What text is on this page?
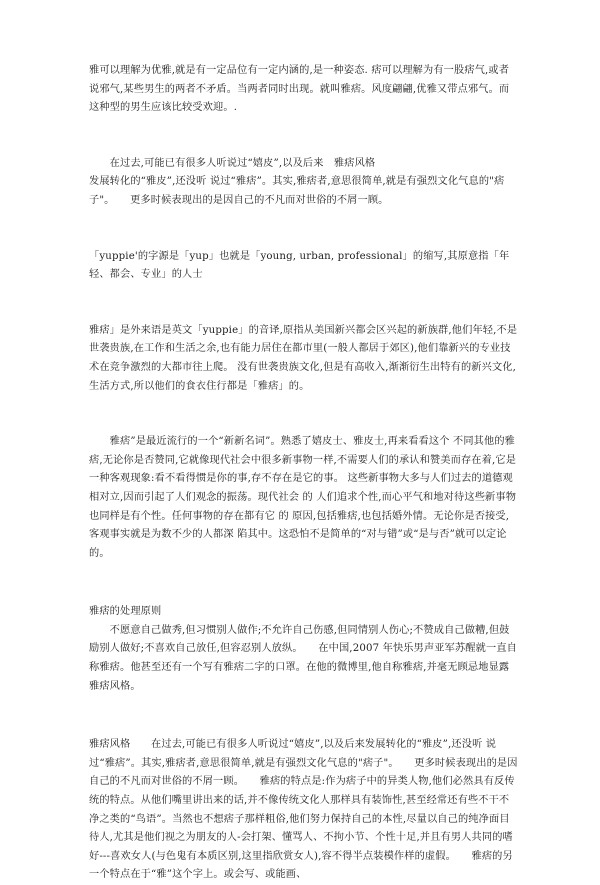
雅可以理解为优雅,就是有一定品位有一定内涵的,是一种姿态. 痞可以理解为有一股痞气,或者说邪气,某些男生的两者不矛盾。当两者同时出现。就叫雅痞。风度翩翩,优雅又带点邪气。而这种型的男生应该比较受欢迎。.

　　在过去,可能已有很多人听说过“嬉皮”,以及后来　雅痞风格
发展转化的“雅皮”,还没听 说过“雅痞”。其实,雅痞者,意思很简单,就是有强烈文化气息的"痞子"。　　更多时候表现出的是因自己的不凡而对世俗的不屑一顾。

「yuppie'的字源是「yup」也就是「young, urban, professional」的缩写,其原意指「年轻、都会、专业」的人士

雅痞」是外来语是英文「yuppie」的音译,原指从美国新兴都会区兴起的新族群,他们年轻,不是世袭贵族,在工作和生活之余,也有能力居住在都市里(一般人都居于郊区),他们靠新兴的专业技术在竞争激烈的大都市往上爬。 没有世袭贵族文化,但是有高收入,渐渐衍生出特有的新兴文化,生活方式,所以他们的食衣住行都是「雅痞」的。

　　雅痞”是最近流行的一个“新新名词”。熟悉了嬉皮士、雅皮士,再来看看这个 不同其他的雅痞,无论你是否赞同,它就像现代社会中很多新事物一样,不需要人们的承认和赞美而存在着,它是一种客观现象:看不看得惯是你的事,存不存在是它的事。 这些新事物大多与人们过去的道德观相对立,因而引起了人们观念的振荡。现代社会 的 人们追求个性,而心平气和地对待这些新事物也同样是有个性。任何事物的存在都有它 的 原因,包括雅痞,也包括婚外情。无论你是否接受,客观事实就是为数不少的人都深 陷其中。这恐怕不是简单的“对与错”或“是与否”就可以定论的。

雅痞的处理原则
　　不愿意自己做秀,但习惯别人做作;不允许自己伤感,但同情别人伤心;不赞成自己做糟,但鼓励别人做好;不喜欢自己放任,但容忍别人放纵。　　在中国,2007 年快乐男声亚军苏醒就一直自称雅痞。他甚至还有一个写有雅痞二字的口罩。在他的微博里,他自称雅痞,并毫无顾忌地显露雅痞风格。

雅痞风格　　在过去,可能已有很多人听说过“嬉皮”,以及后来发展转化的“雅皮”,还没听 说过“雅痞”。其实,雅痞者,意思很简单,就是有强烈文化气息的"痞子"。　　更多时候表现出的是因自己的不凡而对世俗的不屑一顾。　　雅痞的特点是:作为痞子中的异类人物,他们必然具有反传统的特点。从他们嘴里讲出来的话,并不像传统文化人那样具有装饰性,甚至经常还有些不干不净之类的“鸟语”。当然也不想痞子那样粗俗,他们努力保持自己的本性,尽量以自己的纯净面目待人,尤其是他们视之为朋友的人-会打架、懂骂人、不拘小节、个性十足,并且有男人共同的嗜好---喜欢女人(与色鬼有本质区别,这里指欣赏女人),容不得半点装模作样的虚假。　　雅痞的另一个特点在于“雅”这个字上。或会写、或能画、
